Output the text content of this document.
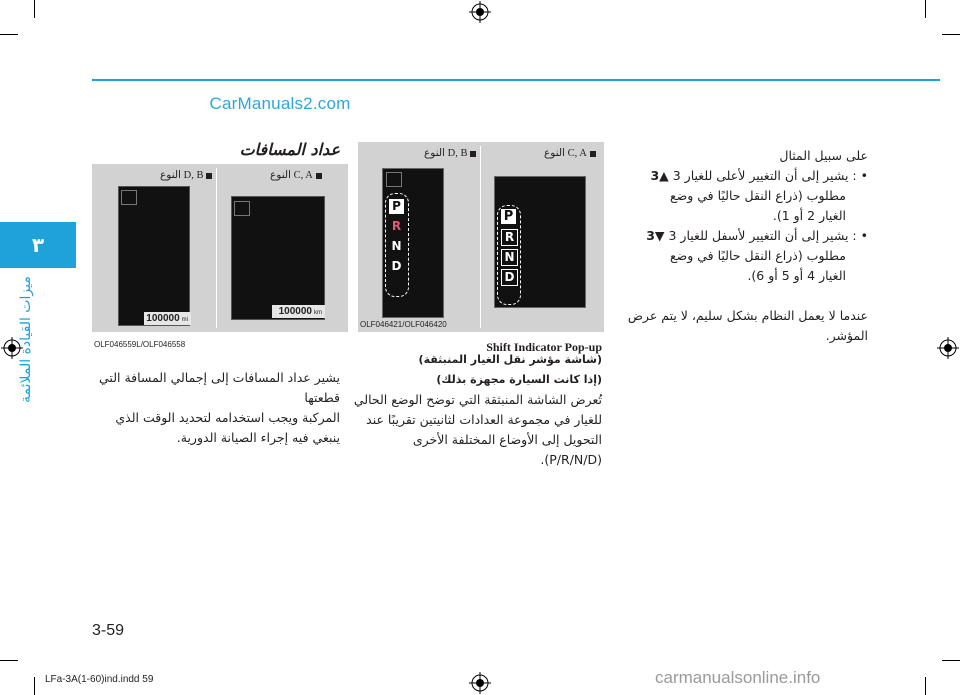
CarManuals2.com
٣
ميزات القيادة الملائمة
عداد المسافات
C, A النوع
D, B النوع
100000 mi
100000 km
OLF046559L/OLF046558

يشير عداد المسافات إلى إجمالي المسافة التي قطعتها

المركبة ويجب استخدامه لتحديد الوقت الذي

ينبغي فيه إجراء الصيانة الدورية.

C, A النوع
D, B النوع
P
R
N
D
P
R
N
D
OLF046421/OLF046420
Shift Indicator Pop-up

(شاشة مؤشر نقل الغيار المنبثقة)

(إذا كانت السيارة مجهزة بذلك)

تُعرض الشاشة المنبثقة التي توضح الوضع الحالي

للغيار في مجموعة العدادات لثانيتين تقريبًا عند

التحويل إلى الأوضاع المختلفة الأخرى (P/R/N/D).

على سبيل المثال

• : يشير إلى أن التغيير لأعلى للغيار 3 ▲3

مطلوب (ذراع النقل حاليًا في وضع

الغيار 2 أو 1).

• : يشير إلى أن التغيير لأسفل للغيار 3 ▼3

مطلوب (ذراع النقل حاليًا في وضع

الغيار 4 أو 5 أو 6).

عندما لا يعمل النظام بشكل سليم، لا يتم عرض

المؤشر.

3-59
LFa-3A(1-60)ind.indd 59	carmanualsonline.info
